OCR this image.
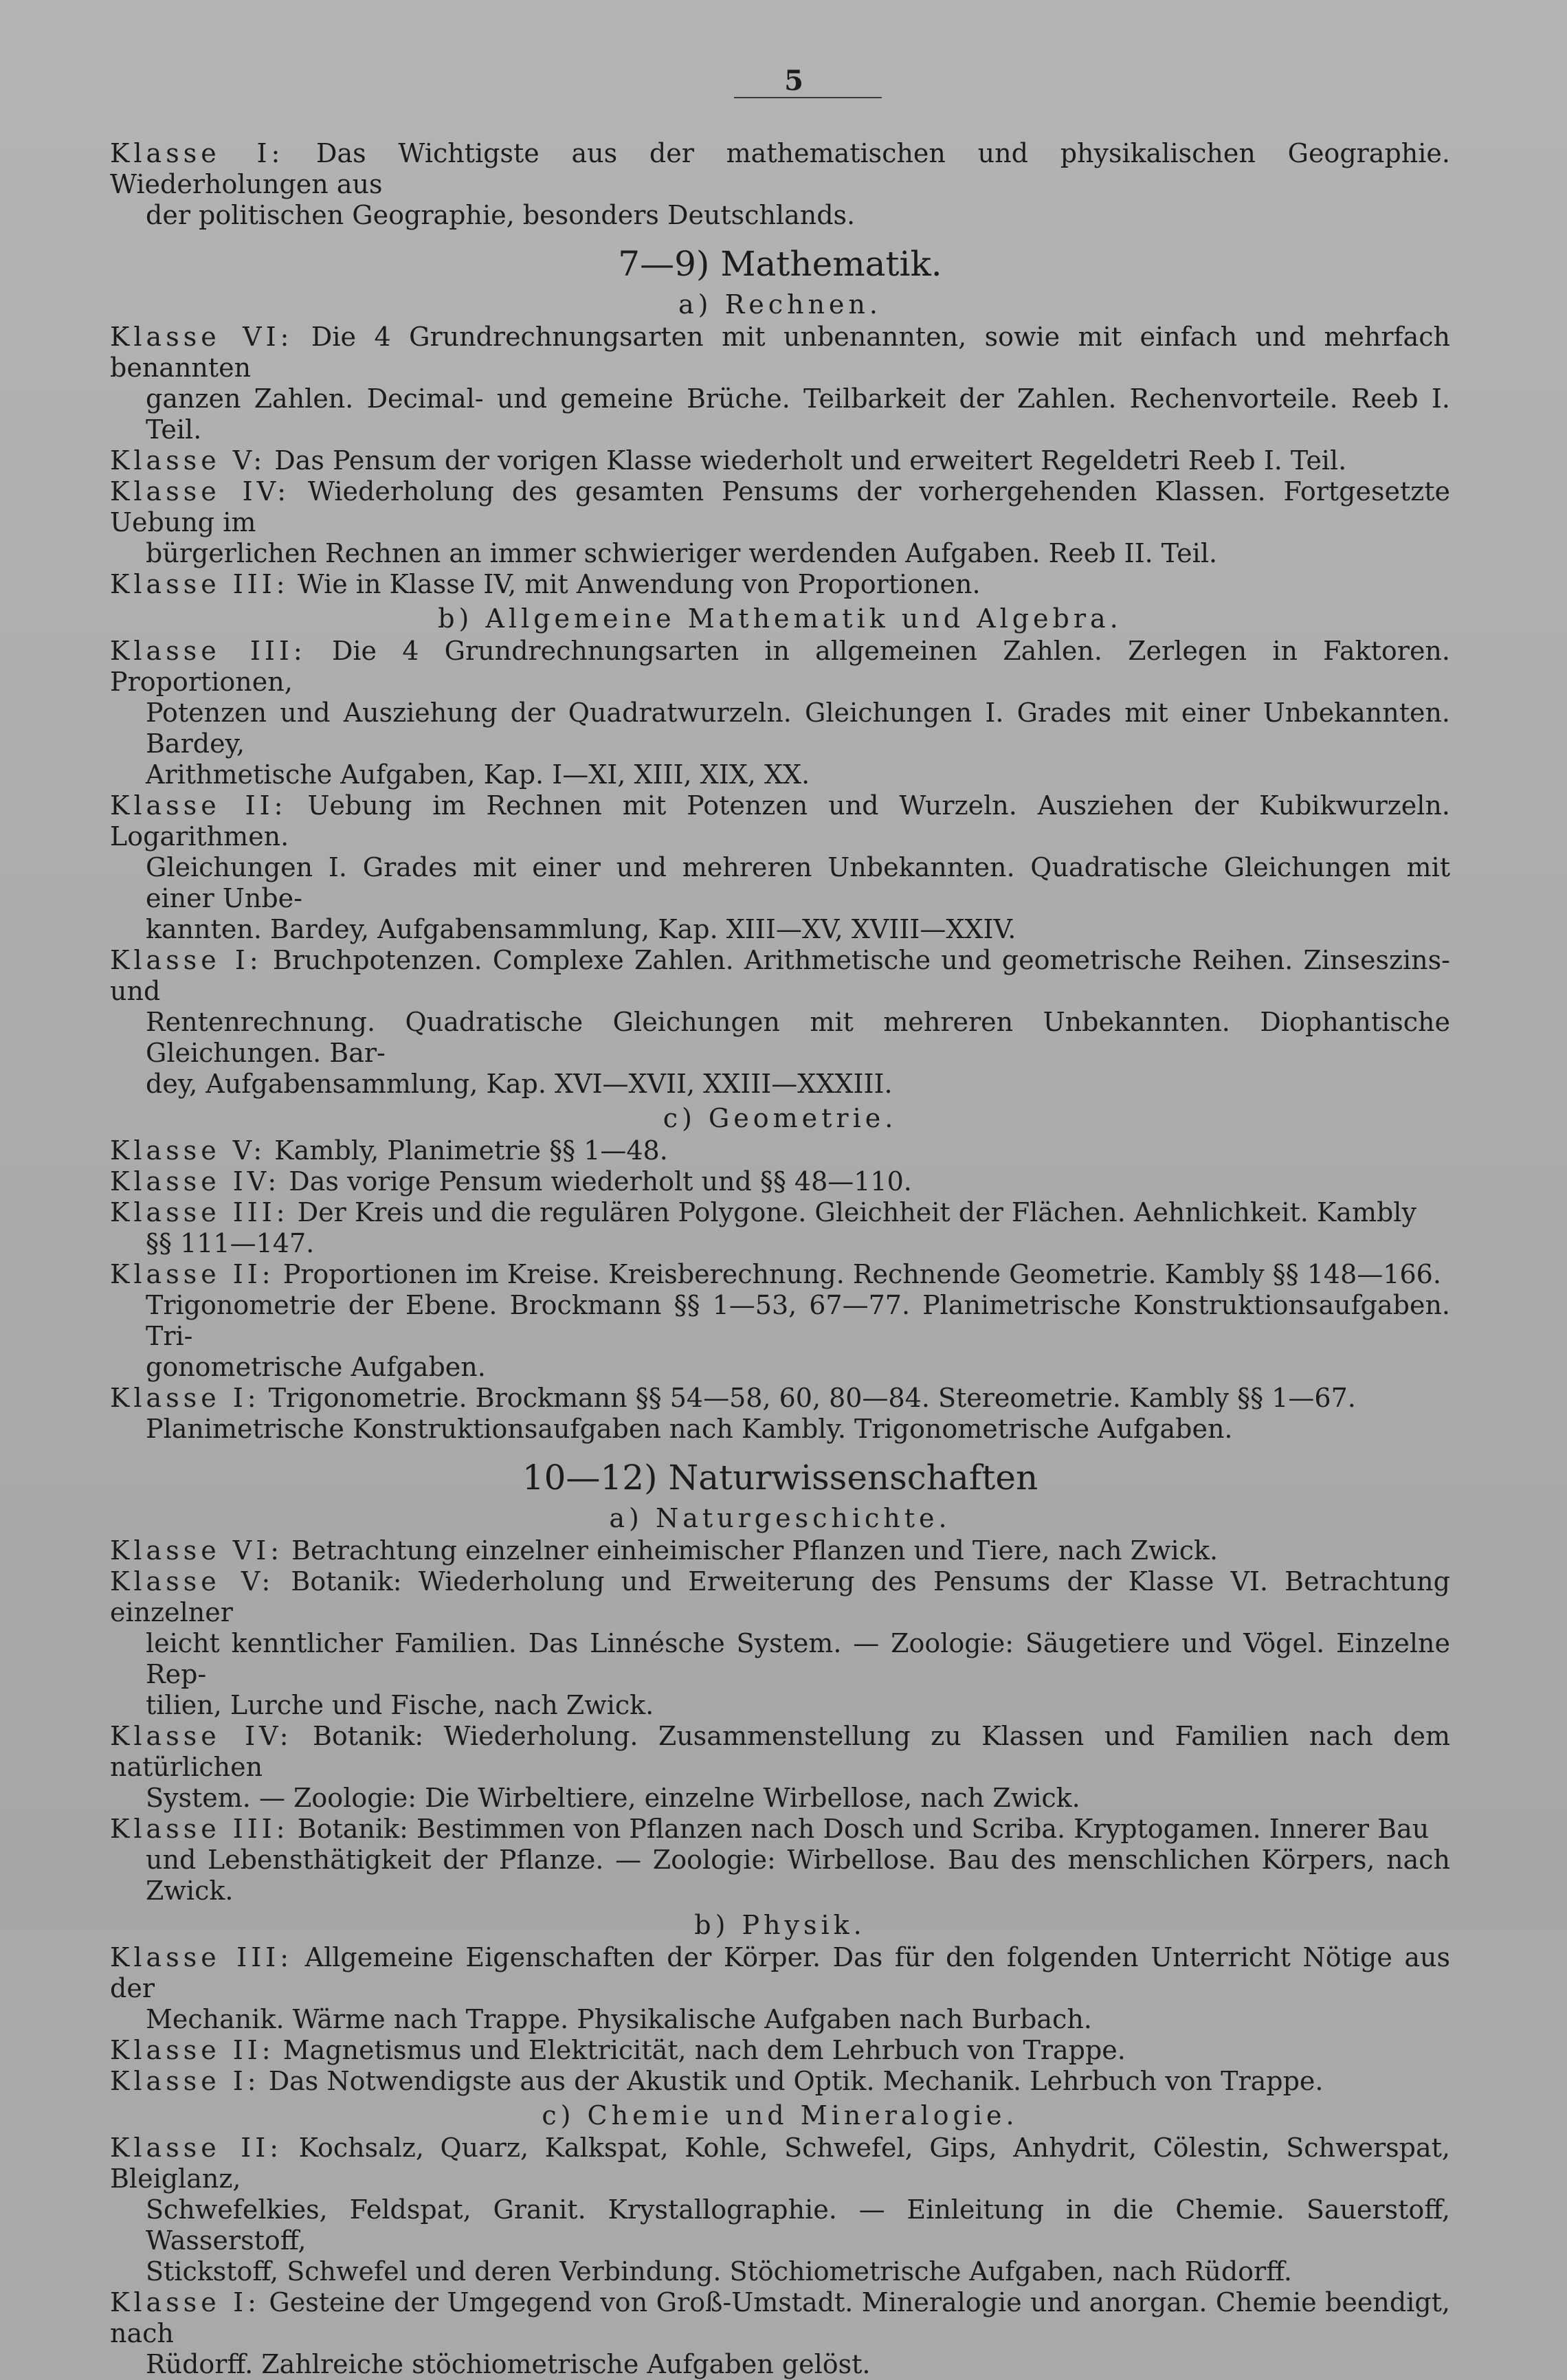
5

Klasse I: Das Wichtigste aus der mathematischen und physikalischen Geographie. Wiederholungen aus
der politischen Geographie, besonders Deutschlands.

7—9) Mathematik.
a) Rechnen.

Klasse VI: Die 4 Grundrechnungsarten mit unbenannten, sowie mit einfach und mehrfach benannten
ganzen Zahlen. Decimal- und gemeine Brüche. Teilbarkeit der Zahlen. Rechenvorteile. Reeb I. Teil.

Klasse V: Das Pensum der vorigen Klasse wiederholt und erweitert Regeldetri Reeb I. Teil.

Klasse IV: Wiederholung des gesamten Pensums der vorhergehenden Klassen. Fortgesetzte Uebung im
bürgerlichen Rechnen an immer schwieriger werdenden Aufgaben. Reeb II. Teil.

Klasse III: Wie in Klasse IV, mit Anwendung von Proportionen.

b) Allgemeine Mathematik und Algebra.

Klasse III: Die 4 Grundrechnungsarten in allgemeinen Zahlen. Zerlegen in Faktoren. Proportionen,
Potenzen und Ausziehung der Quadratwurzeln. Gleichungen I. Grades mit einer Unbekannten. Bardey,
Arithmetische Aufgaben, Kap. I—XI, XIII, XIX, XX.

Klasse II: Uebung im Rechnen mit Potenzen und Wurzeln. Ausziehen der Kubikwurzeln. Logarithmen.
Gleichungen I. Grades mit einer und mehreren Unbekannten. Quadratische Gleichungen mit einer Unbe-
kannten. Bardey, Aufgabensammlung, Kap. XIII—XV, XVIII—XXIV.

Klasse I: Bruchpotenzen. Complexe Zahlen. Arithmetische und geometrische Reihen. Zinseszins- und
Rentenrechnung. Quadratische Gleichungen mit mehreren Unbekannten. Diophantische Gleichungen. Bar-
dey, Aufgabensammlung, Kap. XVI—XVII, XXIII—XXXIII.

c) Geometrie.

Klasse V: Kambly, Planimetrie §§ 1—48.

Klasse IV: Das vorige Pensum wiederholt und §§ 48—110.

Klasse III: Der Kreis und die regulären Polygone. Gleichheit der Flächen. Aehnlichkeit. Kambly
§§ 111—147.

Klasse II: Proportionen im Kreise. Kreisberechnung. Rechnende Geometrie. Kambly §§ 148—166.
Trigonometrie der Ebene. Brockmann §§ 1—53, 67—77. Planimetrische Konstruktionsaufgaben. Tri-
gonometrische Aufgaben.

Klasse I: Trigonometrie. Brockmann §§ 54—58, 60, 80—84. Stereometrie. Kambly §§ 1—67.
Planimetrische Konstruktionsaufgaben nach Kambly. Trigonometrische Aufgaben.

10—12) Naturwissenschaften
a) Naturgeschichte.

Klasse VI: Betrachtung einzelner einheimischer Pflanzen und Tiere, nach Zwick.

Klasse V: Botanik: Wiederholung und Erweiterung des Pensums der Klasse VI. Betrachtung einzelner
leicht kenntlicher Familien. Das Linnésche System. — Zoologie: Säugetiere und Vögel. Einzelne Rep-
tilien, Lurche und Fische, nach Zwick.

Klasse IV: Botanik: Wiederholung. Zusammenstellung zu Klassen und Familien nach dem natürlichen
System. — Zoologie: Die Wirbeltiere, einzelne Wirbellose, nach Zwick.

Klasse III: Botanik: Bestimmen von Pflanzen nach Dosch und Scriba. Kryptogamen. Innerer Bau
und Lebensthätigkeit der Pflanze. — Zoologie: Wirbellose. Bau des menschlichen Körpers, nach Zwick.

b) Physik.

Klasse III: Allgemeine Eigenschaften der Körper. Das für den folgenden Unterricht Nötige aus der
Mechanik. Wärme nach Trappe. Physikalische Aufgaben nach Burbach.

Klasse II: Magnetismus und Elektricität, nach dem Lehrbuch von Trappe.

Klasse I: Das Notwendigste aus der Akustik und Optik. Mechanik. Lehrbuch von Trappe.

c) Chemie und Mineralogie.

Klasse II: Kochsalz, Quarz, Kalkspat, Kohle, Schwefel, Gips, Anhydrit, Cölestin, Schwerspat, Bleiglanz,
Schwefelkies, Feldspat, Granit. Krystallographie. — Einleitung in die Chemie. Sauerstoff, Wasserstoff,
Stickstoff, Schwefel und deren Verbindung. Stöchiometrische Aufgaben, nach Rüdorff.

Klasse I: Gesteine der Umgegend von Groß-Umstadt. Mineralogie und anorgan. Chemie beendigt, nach
Rüdorff. Zahlreiche stöchiometrische Aufgaben gelöst.
